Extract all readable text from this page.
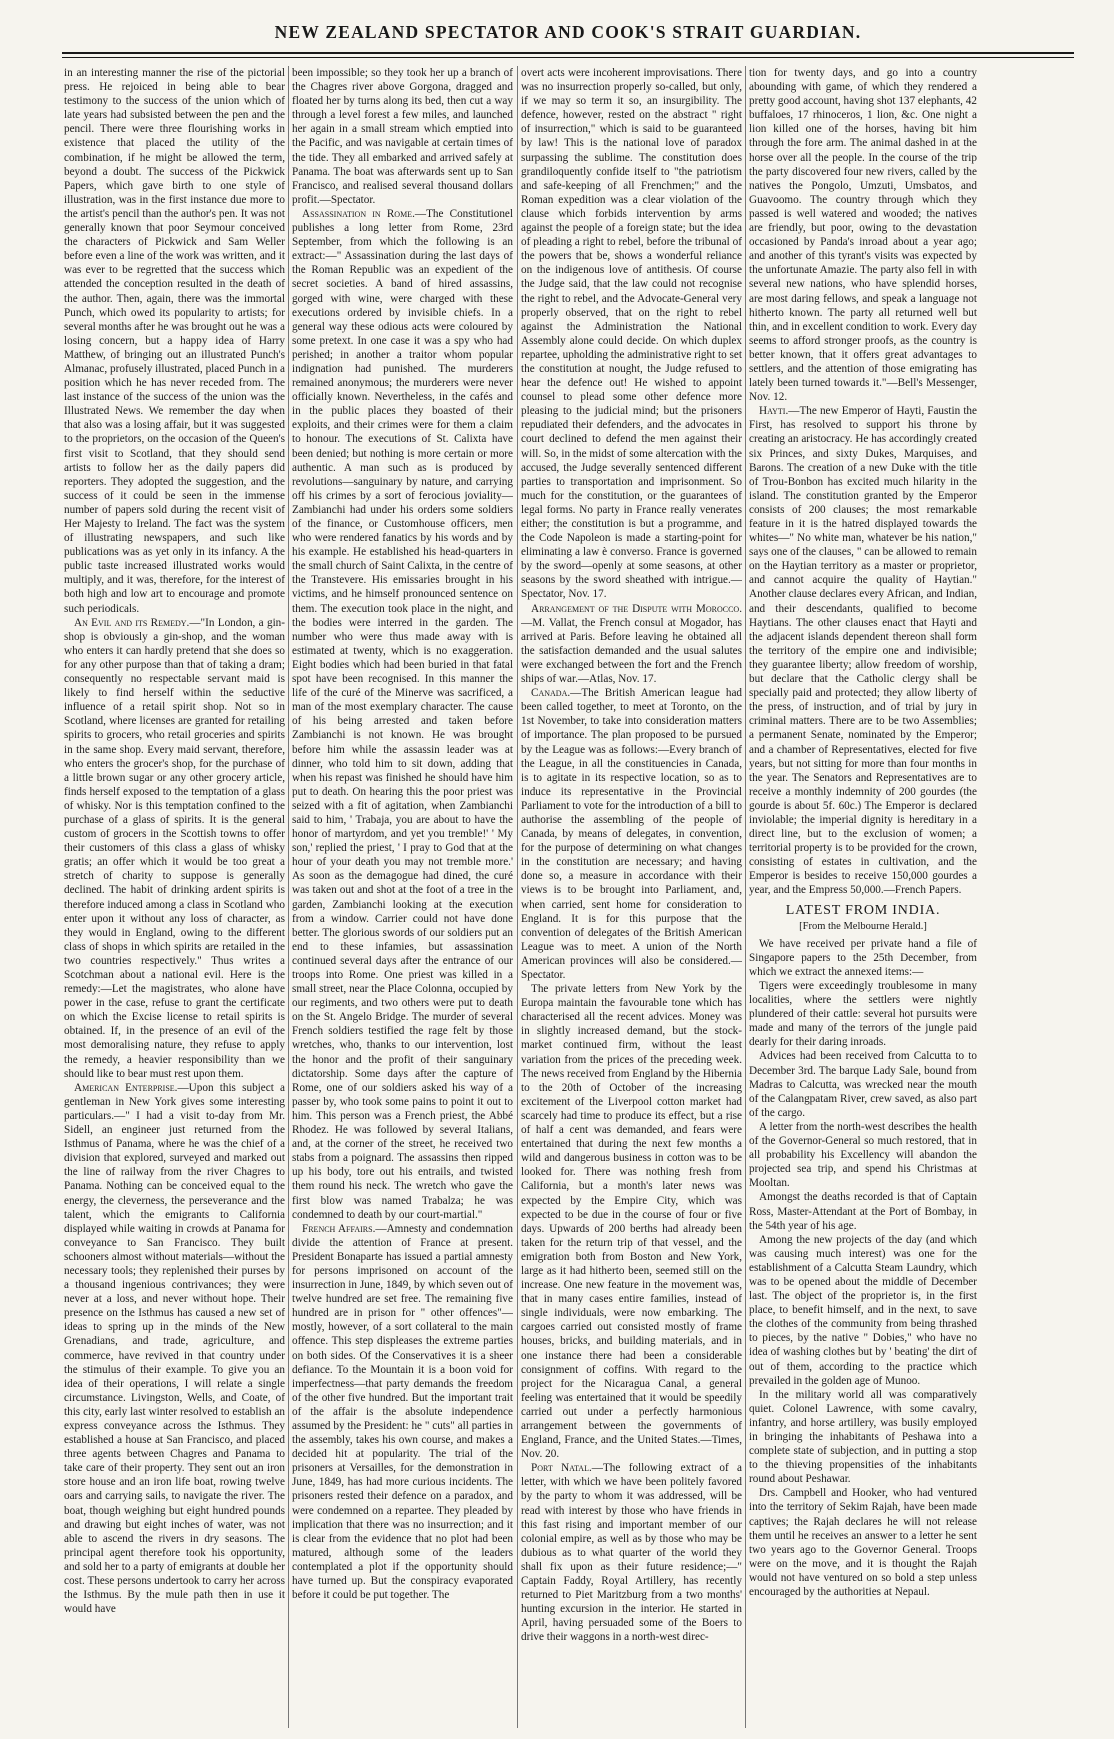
NEW ZEALAND SPECTATOR AND COOK'S STRAIT GUARDIAN.

in an interesting manner the rise of the pictorial press. He rejoiced in being able to bear testimony to the success of the union which of late years had subsisted between the pen and the pencil. There were three flourishing works in existence that placed the utility of the combination, if he might be allowed the term, beyond a doubt. The success of the Pickwick Papers, which gave birth to one style of illustration, was in the first instance due more to the artist's pencil than the author's pen. It was not generally known that poor Seymour conceived the characters of Pickwick and Sam Weller before even a line of the work was written, and it was ever to be regretted that the success which attended the conception resulted in the death of the author. Then, again, there was the immortal Punch, which owed its popularity to artists; for several months after he was brought out he was a losing concern, but a happy idea of Harry Matthew, of bringing out an illustrated Punch's Almanac, profusely illustrated, placed Punch in a position which he has never receded from. The last instance of the success of the union was the Illustrated News. We remember the day when that also was a losing affair, but it was suggested to the proprietors, on the occasion of the Queen's first visit to Scotland, that they should send artists to follow her as the daily papers did reporters. They adopted the suggestion, and the success of it could be seen in the immense number of papers sold during the recent visit of Her Majesty to Ireland. The fact was the system of illustrating newspapers, and such like publications was as yet only in its infancy. A the public taste increased illustrated works would multiply, and it was, therefore, for the interest of both high and low art to encourage and promote such periodicals.

An Evil and its Remedy.—"In London, a gin-shop is obviously a gin-shop, and the woman who enters it can hardly pretend that she does so for any other purpose than that of taking a dram; consequently no respectable servant maid is likely to find herself within the seductive influence of a retail spirit shop. Not so in Scotland, where licenses are granted for retailing spirits to grocers, who retail groceries and spirits in the same shop. Every maid servant, therefore, who enters the grocer's shop, for the purchase of a little brown sugar or any other grocery article, finds herself exposed to the temptation of a glass of whisky. Nor is this temptation confined to the purchase of a glass of spirits. It is the general custom of grocers in the Scottish towns to offer their customers of this class a glass of whisky gratis; an offer which it would be too great a stretch of charity to suppose is generally declined. The habit of drinking ardent spirits is therefore induced among a class in Scotland who enter upon it without any loss of character, as they would in England, owing to the different class of shops in which spirits are retailed in the two countries respectively." Thus writes a Scotchman about a national evil. Here is the remedy:—Let the magistrates, who alone have power in the case, refuse to grant the certificate on which the Excise license to retail spirits is obtained. If, in the presence of an evil of the most demoralising nature, they refuse to apply the remedy, a heavier responsibility than we should like to bear must rest upon them.

American Enterprise.—Upon this subject a gentleman in New York gives some interesting particulars.—" I had a visit to-day from Mr. Sidell, an engineer just returned from the Isthmus of Panama, where he was the chief of a division that explored, surveyed and marked out the line of railway from the river Chagres to Panama. Nothing can be conceived equal to the energy, the cleverness, the perseverance and the talent, which the emigrants to California displayed while waiting in crowds at Panama for conveyance to San Francisco. They built schooners almost without materials—without the necessary tools; they replenished their purses by a thousand ingenious contrivances; they were never at a loss, and never without hope. Their presence on the Isthmus has caused a new set of ideas to spring up in the minds of the New Grenadians, and trade, agriculture, and commerce, have revived in that country under the stimulus of their example. To give you an idea of their operations, I will relate a single circumstance. Livingston, Wells, and Coate, of this city, early last winter resolved to establish an express conveyance across the Isthmus. They established a house at San Francisco, and placed three agents between Chagres and Panama to take care of their property. They sent out an iron store house and an iron life boat, rowing twelve oars and carrying sails, to navigate the river. The boat, though weighing but eight hundred pounds and drawing but eight inches of water, was not able to ascend the rivers in dry seasons. The principal agent therefore took his opportunity, and sold her to a party of emigrants at double her cost. These persons undertook to carry her across the Isthmus. By the mule path then in use it would have

been impossible; so they took her up a branch of the Chagres river above Gorgona, dragged and floated her by turns along its bed, then cut a way through a level forest a few miles, and launched her again in a small stream which emptied into the Pacific, and was navigable at certain times of the tide. They all embarked and arrived safely at Panama. The boat was afterwards sent up to San Francisco, and realised several thousand dollars profit.—Spectator.

Assassination in Rome.—The Constitutionel publishes a long letter from Rome, 23rd September, from which the following is an extract:—" Assassination during the last days of the Roman Republic was an expedient of the secret societies. A band of hired assassins, gorged with wine, were charged with these executions ordered by invisible chiefs. In a general way these odious acts were coloured by some pretext. In one case it was a spy who had perished; in another a traitor whom popular indignation had punished. The murderers remained anonymous; the murderers were never officially known. Nevertheless, in the cafés and in the public places they boasted of their exploits, and their crimes were for them a claim to honour. The executions of St. Calixta have been denied; but nothing is more certain or more authentic. A man such as is produced by revolutions—sanguinary by nature, and carrying off his crimes by a sort of ferocious joviality—Zambianchi had under his orders some soldiers of the finance, or Customhouse officers, men who were rendered fanatics by his words and by his example. He established his head-quarters in the small church of Saint Calixta, in the centre of the Transtevere. His emissaries brought in his victims, and he himself pronounced sentence on them. The execution took place in the night, and the bodies were interred in the garden. The number who were thus made away with is estimated at twenty, which is no exaggeration. Eight bodies which had been buried in that fatal spot have been recognised. In this manner the life of the curé of the Minerve was sacrificed, a man of the most exemplary character. The cause of his being arrested and taken before Zambianchi is not known. He was brought before him while the assassin leader was at dinner, who told him to sit down, adding that when his repast was finished he should have him put to death. On hearing this the poor priest was seized with a fit of agitation, when Zambianchi said to him, ' Trabaja, you are about to have the honor of martyrdom, and yet you tremble!' ' My son,' replied the priest, ' I pray to God that at the hour of your death you may not tremble more.' As soon as the demagogue had dined, the curé was taken out and shot at the foot of a tree in the garden, Zambianchi looking at the execution from a window. Carrier could not have done better. The glorious swords of our soldiers put an end to these infamies, but assassination continued several days after the entrance of our troops into Rome. One priest was killed in a small street, near the Place Colonna, occupied by our regiments, and two others were put to death on the St. Angelo Bridge. The murder of several French soldiers testified the rage felt by those wretches, who, thanks to our intervention, lost the honor and the profit of their sanguinary dictatorship. Some days after the capture of Rome, one of our soldiers asked his way of a passer by, who took some pains to point it out to him. This person was a French priest, the Abbé Rhodez. He was followed by several Italians, and, at the corner of the street, he received two stabs from a poignard. The assassins then ripped up his body, tore out his entrails, and twisted them round his neck. The wretch who gave the first blow was named Trabalza; he was condemned to death by our court-martial."

French Affairs.—Amnesty and condemnation divide the attention of France at present. President Bonaparte has issued a partial amnesty for persons imprisoned on account of the insurrection in June, 1849, by which seven out of twelve hundred are set free. The remaining five hundred are in prison for " other offences"—mostly, however, of a sort collateral to the main offence. This step displeases the extreme parties on both sides. Of the Conservatives it is a sheer defiance. To the Mountain it is a boon void for imperfectness—that party demands the freedom of the other five hundred. But the important trait of the affair is the absolute independence assumed by the President: he " cuts" all parties in the assembly, takes his own course, and makes a decided hit at popularity. The trial of the prisoners at Versailles, for the demonstration in June, 1849, has had more curious incidents. The prisoners rested their defence on a paradox, and were condemned on a repartee. They pleaded by implication that there was no insurrection; and it is clear from the evidence that no plot had been matured, although some of the leaders contemplated a plot if the opportunity should have turned up. But the conspiracy evaporated before it could be put together. The

overt acts were incoherent improvisations. There was no insurrection properly so-called, but only, if we may so term it so, an insurgibility. The defence, however, rested on the abstract " right of insurrection," which is said to be guaranteed by law! This is the national love of paradox surpassing the sublime. The constitution does grandiloquently confide itself to "the patriotism and safe-keeping of all Frenchmen;" and the Roman expedition was a clear violation of the clause which forbids intervention by arms against the people of a foreign state; but the idea of pleading a right to rebel, before the tribunal of the powers that be, shows a wonderful reliance on the indigenous love of antithesis. Of course the Judge said, that the law could not recognise the right to rebel, and the Advocate-General very properly observed, that on the right to rebel against the Administration the National Assembly alone could decide. On which duplex repartee, upholding the administrative right to set the constitution at nought, the Judge refused to hear the defence out! He wished to appoint counsel to plead some other defence more pleasing to the judicial mind; but the prisoners repudiated their defenders, and the advocates in court declined to defend the men against their will. So, in the midst of some altercation with the accused, the Judge severally sentenced different parties to transportation and imprisonment. So much for the constitution, or the guarantees of legal forms. No party in France really venerates either; the constitution is but a programme, and the Code Napoleon is made a starting-point for eliminating a law è converso. France is governed by the sword—openly at some seasons, at other seasons by the sword sheathed with intrigue.—Spectator, Nov. 17.

Arrangement of the Dispute with Morocco.—M. Vallat, the French consul at Mogador, has arrived at Paris. Before leaving he obtained all the satisfaction demanded and the usual salutes were exchanged between the fort and the French ships of war.—Atlas, Nov. 17.

Canada.—The British American league had been called together, to meet at Toronto, on the 1st November, to take into consideration matters of importance. The plan proposed to be pursued by the League was as follows:—Every branch of the League, in all the constituencies in Canada, is to agitate in its respective location, so as to induce its representative in the Provincial Parliament to vote for the introduction of a bill to authorise the assembling of the people of Canada, by means of delegates, in convention, for the purpose of determining on what changes in the constitution are necessary; and having done so, a measure in accordance with their views is to be brought into Parliament, and, when carried, sent home for consideration to England. It is for this purpose that the convention of delegates of the British American League was to meet. A union of the North American provinces will also be considered.—Spectator.

The private letters from New York by the Europa maintain the favourable tone which has characterised all the recent advices. Money was in slightly increased demand, but the stock-market continued firm, without the least variation from the prices of the preceding week. The news received from England by the Hibernia to the 20th of October of the increasing excitement of the Liverpool cotton market had scarcely had time to produce its effect, but a rise of half a cent was demanded, and fears were entertained that during the next few months a wild and dangerous business in cotton was to be looked for. There was nothing fresh from California, but a month's later news was expected by the Empire City, which was expected to be due in the course of four or five days. Upwards of 200 berths had already been taken for the return trip of that vessel, and the emigration both from Boston and New York, large as it had hitherto been, seemed still on the increase. One new feature in the movement was, that in many cases entire families, instead of single individuals, were now embarking. The cargoes carried out consisted mostly of frame houses, bricks, and building materials, and in one instance there had been a considerable consignment of coffins. With regard to the project for the Nicaragua Canal, a general feeling was entertained that it would be speedily carried out under a perfectly harmonious arrangement between the governments of England, France, and the United States.—Times, Nov. 20.

Port Natal.—The following extract of a letter, with which we have been politely favored by the party to whom it was addressed, will be read with interest by those who have friends in this fast rising and important member of our colonial empire, as well as by those who may be dubious as to what quarter of the world they shall fix upon as their future residence;—" Captain Faddy, Royal Artillery, has recently returned to Piet Maritzburg from a two months' hunting excursion in the interior. He started in April, having persuaded some of the Boers to drive their waggons in a north-west direc-

tion for twenty days, and go into a country abounding with game, of which they rendered a pretty good account, having shot 137 elephants, 42 buffaloes, 17 rhinoceros, 1 lion, &c. One night a lion killed one of the horses, having bit him through the fore arm. The animal dashed in at the horse over all the people. In the course of the trip the party discovered four new rivers, called by the natives the Pongolo, Umzuti, Umsbatos, and Guavoomo. The country through which they passed is well watered and wooded; the natives are friendly, but poor, owing to the devastation occasioned by Panda's inroad about a year ago; and another of this tyrant's visits was expected by the unfortunate Amazie. The party also fell in with several new nations, who have splendid horses, are most daring fellows, and speak a language not hitherto known. The party all returned well but thin, and in excellent condition to work. Every day seems to afford stronger proofs, as the country is better known, that it offers great advantages to settlers, and the attention of those emigrating has lately been turned towards it."—Bell's Messenger, Nov. 12.

Hayti.—The new Emperor of Hayti, Faustin the First, has resolved to support his throne by creating an aristocracy. He has accordingly created six Princes, and sixty Dukes, Marquises, and Barons. The creation of a new Duke with the title of Trou-Bonbon has excited much hilarity in the island. The constitution granted by the Emperor consists of 200 clauses; the most remarkable feature in it is the hatred displayed towards the whites—" No white man, whatever be his nation," says one of the clauses, " can be allowed to remain on the Haytian territory as a master or proprietor, and cannot acquire the quality of Haytian." Another clause declares every African, and Indian, and their descendants, qualified to become Haytians. The other clauses enact that Hayti and the adjacent islands dependent thereon shall form the territory of the empire one and indivisible; they guarantee liberty; allow freedom of worship, but declare that the Catholic clergy shall be specially paid and protected; they allow liberty of the press, of instruction, and of trial by jury in criminal matters. There are to be two Assemblies; a permanent Senate, nominated by the Emperor; and a chamber of Representatives, elected for five years, but not sitting for more than four months in the year. The Senators and Representatives are to receive a monthly indemnity of 200 gourdes (the gourde is about 5f. 60c.) The Emperor is declared inviolable; the imperial dignity is hereditary in a direct line, but to the exclusion of women; a territorial property is to be provided for the crown, consisting of estates in cultivation, and the Emperor is besides to receive 150,000 gourdes a year, and the Empress 50,000.—French Papers.

LATEST FROM INDIA.
[From the Melbourne Herald.]

We have received per private hand a file of Singapore papers to the 25th December, from which we extract the annexed items:—

Tigers were exceedingly troublesome in many localities, where the settlers were nightly plundered of their cattle: several hot pursuits were made and many of the terrors of the jungle paid dearly for their daring inroads.

Advices had been received from Calcutta to to December 3rd. The barque Lady Sale, bound from Madras to Calcutta, was wrecked near the mouth of the Calangpatam River, crew saved, as also part of the cargo.

A letter from the north-west describes the health of the Governor-General so much restored, that in all probability his Excellency will abandon the projected sea trip, and spend his Christmas at Mooltan.

Amongst the deaths recorded is that of Captain Ross, Master-Attendant at the Port of Bombay, in the 54th year of his age.

Among the new projects of the day (and which was causing much interest) was one for the establishment of a Calcutta Steam Laundry, which was to be opened about the middle of December last. The object of the proprietor is, in the first place, to benefit himself, and in the next, to save the clothes of the community from being thrashed to pieces, by the native " Dobies," who have no idea of washing clothes but by ' beating' the dirt of out of them, according to the practice which prevailed in the golden age of Munoo.

In the military world all was comparatively quiet. Colonel Lawrence, with some cavalry, infantry, and horse artillery, was busily employed in bringing the inhabitants of Peshawa into a complete state of subjection, and in putting a stop to the thieving propensities of the inhabitants round about Peshawar.

Drs. Campbell and Hooker, who had ventured into the territory of Sekim Rajah, have been made captives; the Rajah declares he will not release them until he receives an answer to a letter he sent two years ago to the Governor General. Troops were on the move, and it is thought the Rajah would not have ventured on so bold a step unless encouraged by the authorities at Nepaul.
